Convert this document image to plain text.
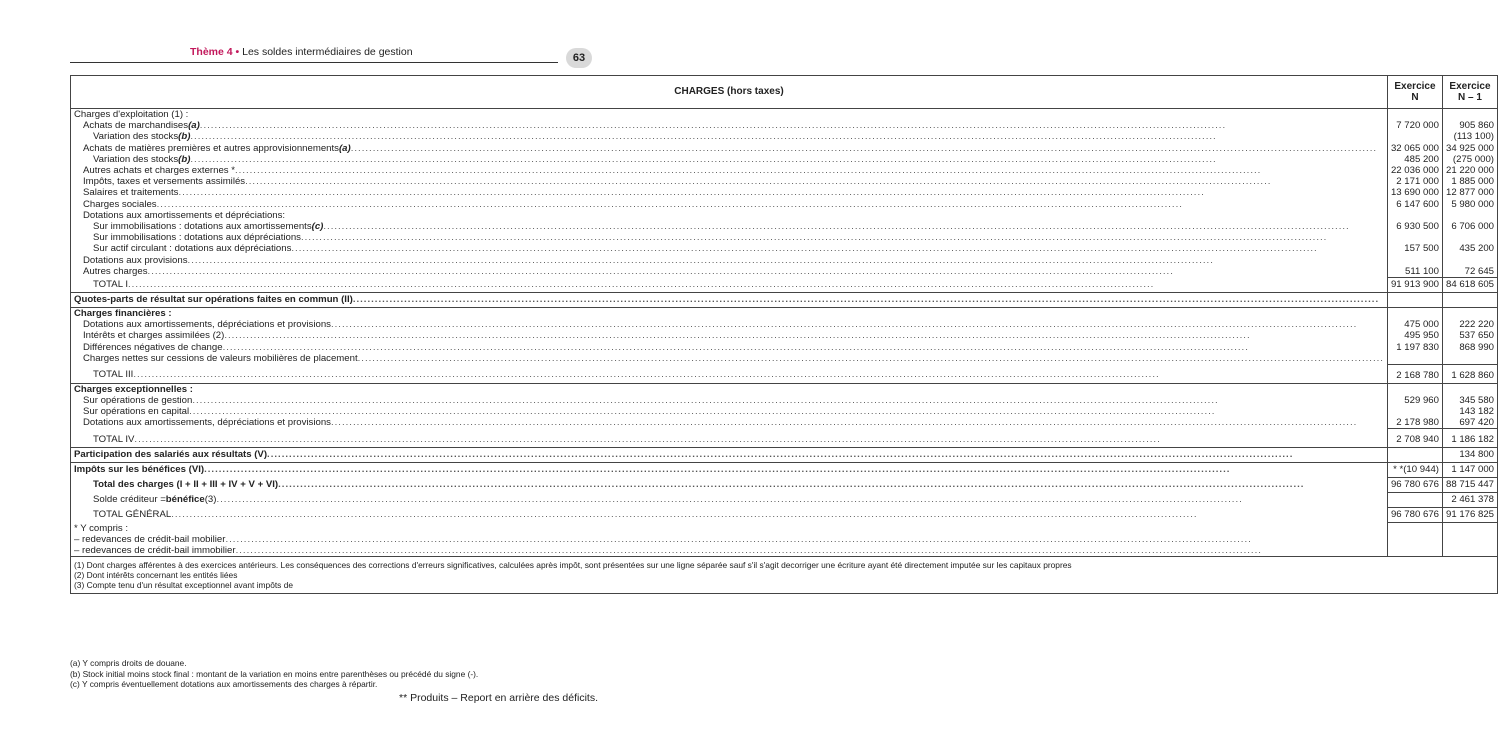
Thème 4 • Les soldes intermédiaires de gestion	63
CHARGES (hors taxes)	Exercice N	Exercice N – 1
Charges d'exploitation (1) :		

Achats de marchandises (a)
.....	7 720 000	905 860

Variation des stocks (b)
.....		(113 100)

Achats de matières premières et autres approvisionnements (a)
.....	32 065 000	34 925 000

Variation des stocks (b)
.....	485 200	(275 000)

Autres achats et charges externes *
.....	22 036 000	21 220 000

Impôts, taxes et versements assimilés
.....	2 171 000	1 885 000

Salaires et traitements
.....	13 690 000	12 877 000

Charges sociales
.....	6 147 600	5 980 000
Dotations aux amortissements et dépréciations:		

Sur immobilisations : dotations aux amortissements (c)
.....	6 930 500	6 706 000

Sur immobilisations : dotations aux dépréciations
.....

Sur actif circulant : dotations aux dépréciations
.....	157 500	435 200

Dotations aux provisions
.....

Autres charges
.....	511 100	72 645

TOTAL I
.....	91 913 900	84 618 605

Quotes-parts de résultat sur opérations faites en commun (II)
.....

Charges financières :		

Dotations aux amortissements, dépréciations et provisions
.....	475 000	222 220

Intérêts et charges assimilées (2)
.....	495 950	537 650

Différences négatives de change
.....	1 197 830	868 990

Charges nettes sur cessions de valeurs mobilières de placement
.....

TOTAL III
.....	2 168 780	1 628 860
Charges exceptionnelles :		

Sur opérations de gestion
.....	529 960	345 580

Sur opérations en capital
.....		143 182

Dotations aux amortissements, dépréciations et provisions
.....	2 178 980	697 420

TOTAL IV
.....	2 708 940	1 186 182

Participation des salariés aux résultats (V)
.....		134 800

Impôts sur les bénéfices (VI)
.....	* *(10 944)	1 147 000

Total des charges (I + II + III + IV + V + VI)
.....	96 780 676	88 715 447

Solde créditeur = bénéfice (3)
.....		2 461 378

TOTAL GÉNÉRAL
.....	96 780 676	91 176 825
* Y compris :		

– redevances de crédit-bail mobilier
.....

– redevances de crédit-bail immobilier
.....

(1) Dont charges afférentes à des exercices antérieurs. Les conséquences des corrections d'erreurs significatives, calculées après impôt, sont présentées sur une ligne séparée sauf s'il s'agit decorriger une écriture ayant été directement imputée sur les capitaux propres
(2) Dont intérêts concernant les entités liées
(3) Compte tenu d'un résultat exceptionnel avant impôts de		
(a) Y compris droits de douane.
(b) Stock initial moins stock final : montant de la variation en moins entre parenthèses ou précédé du signe (-).
(c) Y compris éventuellement dotations aux amortissements des charges à répartir.
** Produits – Report en arrière des déficits.
